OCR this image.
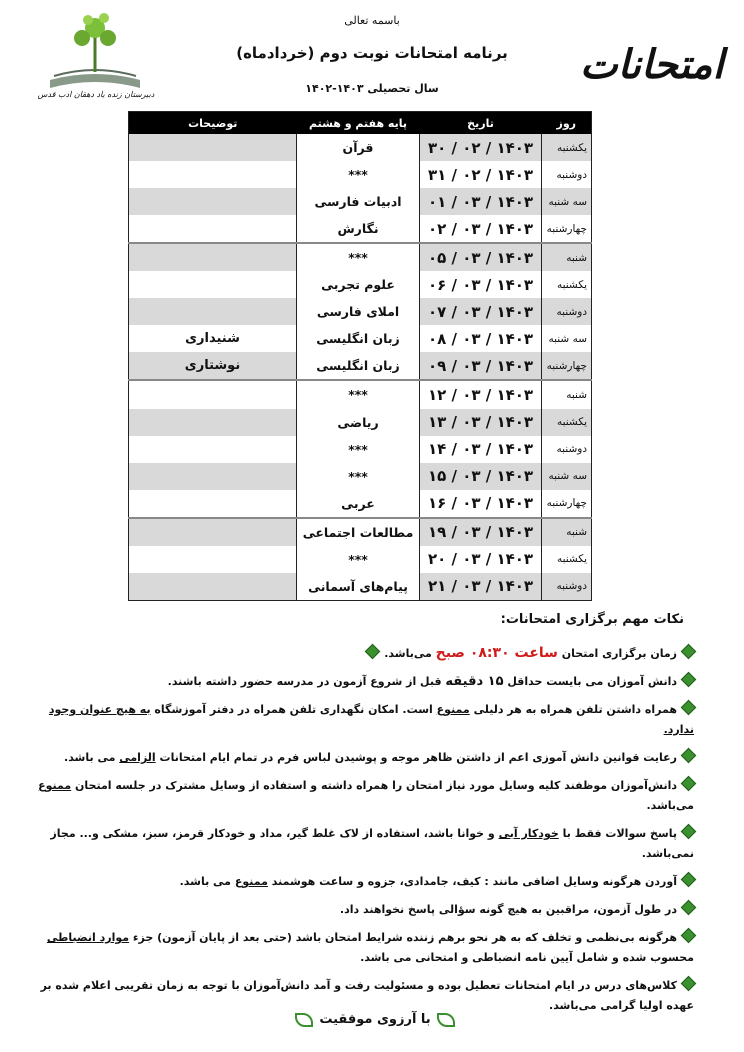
باسمه تعالی
برنامه امتحانات نوبت دوم (خردادماه)
سال تحصیلی ۱۴۰۳-۱۴۰۲
امتحانات
دبیرستان زنده یاد دهقان ادب قدس
روز	تاریخ	پایه هفتم و هشتم	توضیحات
یکشنبه	۱۴۰۳ / ۰۲ / ۳۰	قرآن	
دوشنبه	۱۴۰۳ / ۰۲ / ۳۱	***	
سه شنبه	۱۴۰۳ / ۰۳ / ۰۱	ادبیات فارسی	
چهارشنبه	۱۴۰۳ / ۰۳ / ۰۲	نگارش	
شنبه	۱۴۰۳ / ۰۳ / ۰۵	***	
یکشنبه	۱۴۰۳ / ۰۳ / ۰۶	علوم تجربی	
دوشنبه	۱۴۰۳ / ۰۳ / ۰۷	املای فارسی	
سه شنبه	۱۴۰۳ / ۰۳ / ۰۸	زبان انگلیسی	شنیداری
چهارشنبه	۱۴۰۳ / ۰۳ / ۰۹	زبان انگلیسی	نوشتاری
شنبه	۱۴۰۳ / ۰۳ / ۱۲	***	
یکشنبه	۱۴۰۳ / ۰۳ / ۱۳	ریاضی	
دوشنبه	۱۴۰۳ / ۰۳ / ۱۴	***	
سه شنبه	۱۴۰۳ / ۰۳ / ۱۵	***	
چهارشنبه	۱۴۰۳ / ۰۳ / ۱۶	عربی	
شنبه	۱۴۰۳ / ۰۳ / ۱۹	مطالعات اجتماعی	
یکشنبه	۱۴۰۳ / ۰۳ / ۲۰	***	
دوشنبه	۱۴۰۳ / ۰۳ / ۲۱	پیام‌های آسمانی	
نکات مهم برگزاری امتحانات:
زمان برگزاری امتحان ساعت ۰۸:۳۰ صبح می‌باشد.
دانش آموزان می بایست حداقل ۱۵ دقیقه قبل از شروع آزمون در مدرسه حضور داشته باشند.
همراه داشتن تلفن همراه به هر دلیلی ممنوع است. امکان نگهداری تلفن همراه در دفتر آموزشگاه به هیچ عنوان وجود ندارد.
رعایت قوانین دانش آموزی اعم از داشتن ظاهر موجه و پوشیدن لباس فرم در تمام ایام امتحانات الزامی می باشد.
دانش‌آموزان موظفند کلیه وسایل مورد نیاز امتحان را همراه داشته و استفاده از وسایل مشترک در جلسه امتحان ممنوع می‌باشد.
پاسخ سوالات فقط با خودکار آبی و خوانا باشد، استفاده از لاک غلط گیر، مداد و خودکار قرمز، سبز، مشکی و... مجاز نمی‌باشد.
آوردن هرگونه وسایل اضافی مانند : کیف، جامدادی، جزوه و ساعت هوشمند ممنوع می باشد.
در طول آزمون، مراقبین به هیچ گونه سؤالی پاسخ نخواهند داد.
هرگونه بی‌نظمی و تخلف که به هر نحو برهم زننده شرایط امتحان باشد (حتی بعد از پایان آزمون) جزء موارد انضباطی محسوب شده و شامل آیین نامه انضباطی و امتحانی می باشد.
کلاس‌های درس در ایام امتحانات تعطیل بوده و مسئولیت رفت و آمد دانش‌آموزان با توجه به زمان تقریبی اعلام شده بر عهده اولیا گرامی می‌باشد.
با آرزوی موفقیت
